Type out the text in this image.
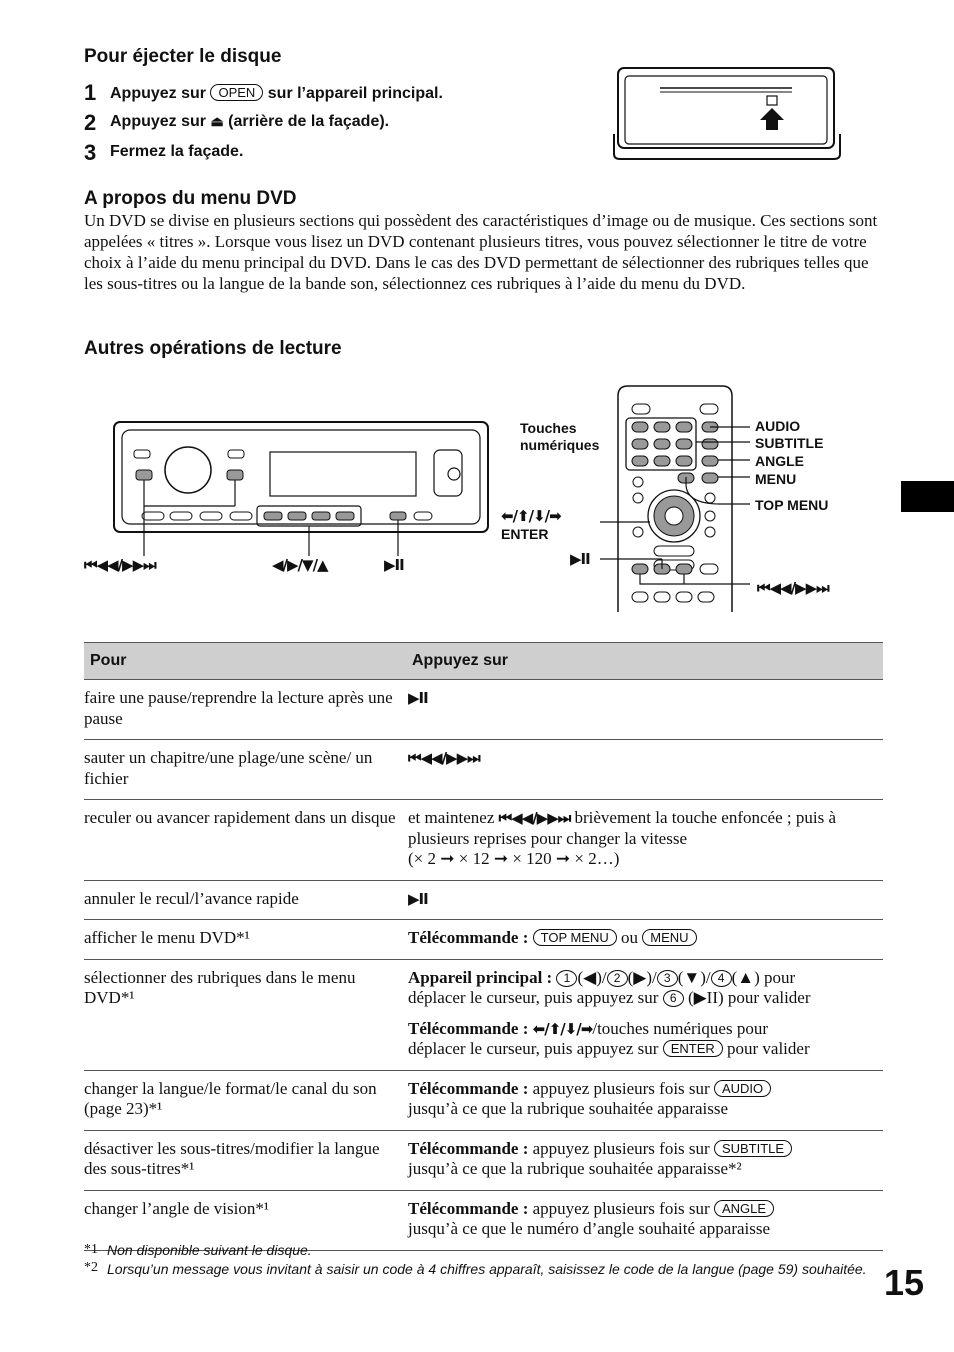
Pour éjecter le disque
1 Appuyez sur OPEN sur l’appareil principal.
2 Appuyez sur ⏏ (arrière de la façade).
3 Fermez la façade.
A propos du menu DVD
Un DVD se divise en plusieurs sections qui possèdent des caractéristiques d’image ou de musique. Ces sections sont appelées « titres ». Lorsque vous lisez un DVD contenant plusieurs titres, vous pouvez sélectionner le titre de votre choix à l’aide du menu principal du DVD. Dans le cas des DVD permettant de sélectionner des rubriques telles que les sous-titres ou la langue de la bande son, sélectionnez ces rubriques à l’aide du menu du DVD.
Autres opérations de lecture
⏮◀◀/▶▶⏭	◀/▶/▼/▲	▶II
Touches numériques
AUDIO
SUBTITLE
ANGLE
MENU
TOP MENU
⬅/⬆/⬇/➡
ENTER
▶II
⏮◀◀/▶▶⏭
Pour	Appuyez sur
faire une pause/reprendre la lecture après une pause	▶II
sauter un chapitre/une plage/une scène/ un fichier	⏮◀◀/▶▶⏭
reculer ou avancer rapidement dans un disque	et maintenez ⏮◀◀/▶▶⏭ brièvement la touche enfoncée ; puis à plusieurs reprises pour changer la vitesse
(× 2 ➞ × 12 ➞ × 120 ➞ × 2…)
annuler le recul/l’avance rapide	▶II
afficher le menu DVD*¹	Télécommande : TOP MENU ou MENU
sélectionner des rubriques dans le menu DVD*¹	Appareil principal : 1 (◀)/ 2 (▶)/ 3 (▼)/ 4 (▲) pour
déplacer le curseur, puis appuyez sur 6 (▶II) pour valider
Télécommande : ⬅/⬆/⬇/➡/touches numériques pour
déplacer le curseur, puis appuyez sur ENTER pour valider
changer la langue/le format/le canal du son (page 23)*¹	Télécommande : appuyez plusieurs fois sur AUDIO
jusqu’à ce que la rubrique souhaitée apparaisse
désactiver les sous-titres/modifier la langue des sous-titres*¹	Télécommande : appuyez plusieurs fois sur SUBTITLE
jusqu’à ce que la rubrique souhaitée apparaisse*²
changer l’angle de vision*¹	Télécommande : appuyez plusieurs fois sur ANGLE
jusqu’à ce que le numéro d’angle souhaité apparaisse
*1 Non disponible suivant le disque.
*2 Lorsqu’un message vous invitant à saisir un code à 4 chiffres apparaît, saisissez le code de la langue (page 59) souhaitée. 15
